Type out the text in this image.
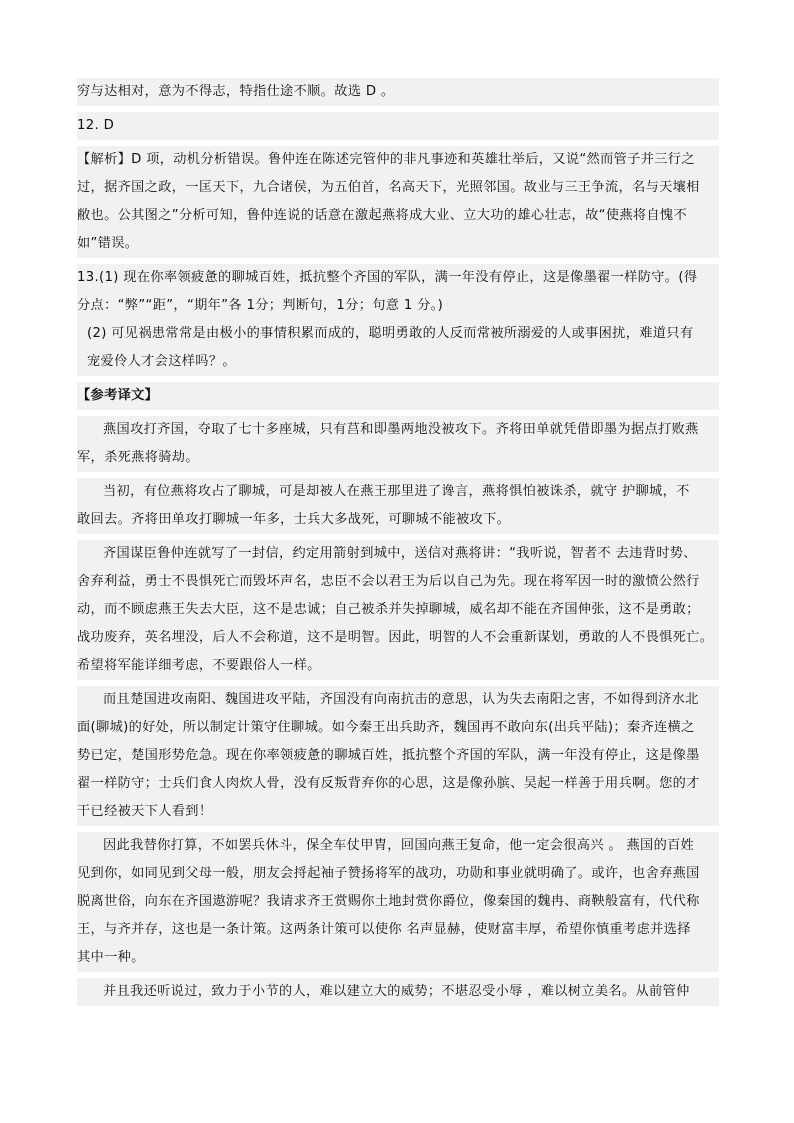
穷与达相对，意为不得志，特指仕途不顺。故选 D 。
12. D
【解析】D 项，动机分析错误。鲁仲连在陈述完管仲的非凡事迹和英雄壮举后，又说“然而管子并三行之
过，据齐国之政，一匡天下，九合诸侯，为五伯首，名高天下，光照邻国。故业与三王争流，名与天壤相
敝也。公其图之”分析可知，鲁仲连说的话意在激起燕将成大业、立大功的雄心壮志，故“使燕将自愧不
如”错误。
13.(1) 现在你率领疲惫的聊城百姓，抵抗整个齐国的军队，满一年没有停止，这是像墨翟一样防守。(得
分点：“弊”“距”，“期年”各 1分；判断句，1分；句意 1 分。)
(2) 可见祸患常常是由极小的事情积累而成的，聪明勇敢的人反而常被所溺爱的人或事困扰，难道只有
宠爱伶人才会这样吗？。
【参考译文】
燕国攻打齐国，夺取了七十多座城，只有莒和即墨两地没被攻下。齐将田单就凭借即墨为据点打败燕
军，杀死燕将骑劫。
当初，有位燕将攻占了聊城，可是却被人在燕王那里进了谗言，燕将惧怕被诛杀，就守 护聊城，不
敢回去。齐将田单攻打聊城一年多，士兵大多战死，可聊城不能被攻下。
齐国谋臣鲁仲连就写了一封信，约定用箭射到城中，送信对燕将讲：“我听说，智者不 去违背时势、
舍弃利益，勇士不畏惧死亡而毁坏声名，忠臣不会以君王为后以自己为先。现在将军因一时的激愤公然行
动，而不顾虑燕王失去大臣，这不是忠诚；自己被杀并失掉聊城，威名却不能在齐国伸张，这不是勇敢；
战功废弃，英名埋没，后人不会称道，这不是明智。因此，明智的人不会重新谋划，勇敢的人不畏惧死亡。
希望将军能详细考虑，不要跟俗人一样。
而且楚国进攻南阳、魏国进攻平陆，齐国没有向南抗击的意思，认为失去南阳之害，不如得到济水北
面(聊城)的好处，所以制定计策守住聊城。如今秦王出兵助齐，魏国再不敢向东(出兵平陆)；秦齐连横之
势已定，楚国形势危急。现在你率领疲惫的聊城百姓，抵抗整个齐国的军队，满一年没有停止，这是像墨
翟一样防守；士兵们食人肉炊人骨，没有反叛背弃你的心思，这是像孙膑、吴起一样善于用兵啊。您的才
干已经被天下人看到！
因此我替你打算，不如罢兵休斗，保全车仗甲胄，回国向燕王复命，他一定会很高兴 。 燕国的百姓
见到你，如同见到父母一般，朋友会捋起袖子赞扬将军的战功，功勋和事业就明确了。或许，也舍弃燕国
脱离世俗，向东在齐国遨游呢？我请求齐王赏赐你土地封赏你爵位，像秦国的魏冉、商鞅般富有，代代称
王，与齐并存，这也是一条计策。这两条计策可以使你 名声显赫，使财富丰厚，希望你慎重考虑并选择
其中一种。
并且我还听说过，致力于小节的人，难以建立大的威势；不堪忍受小辱 ，难以树立美名。从前管仲
